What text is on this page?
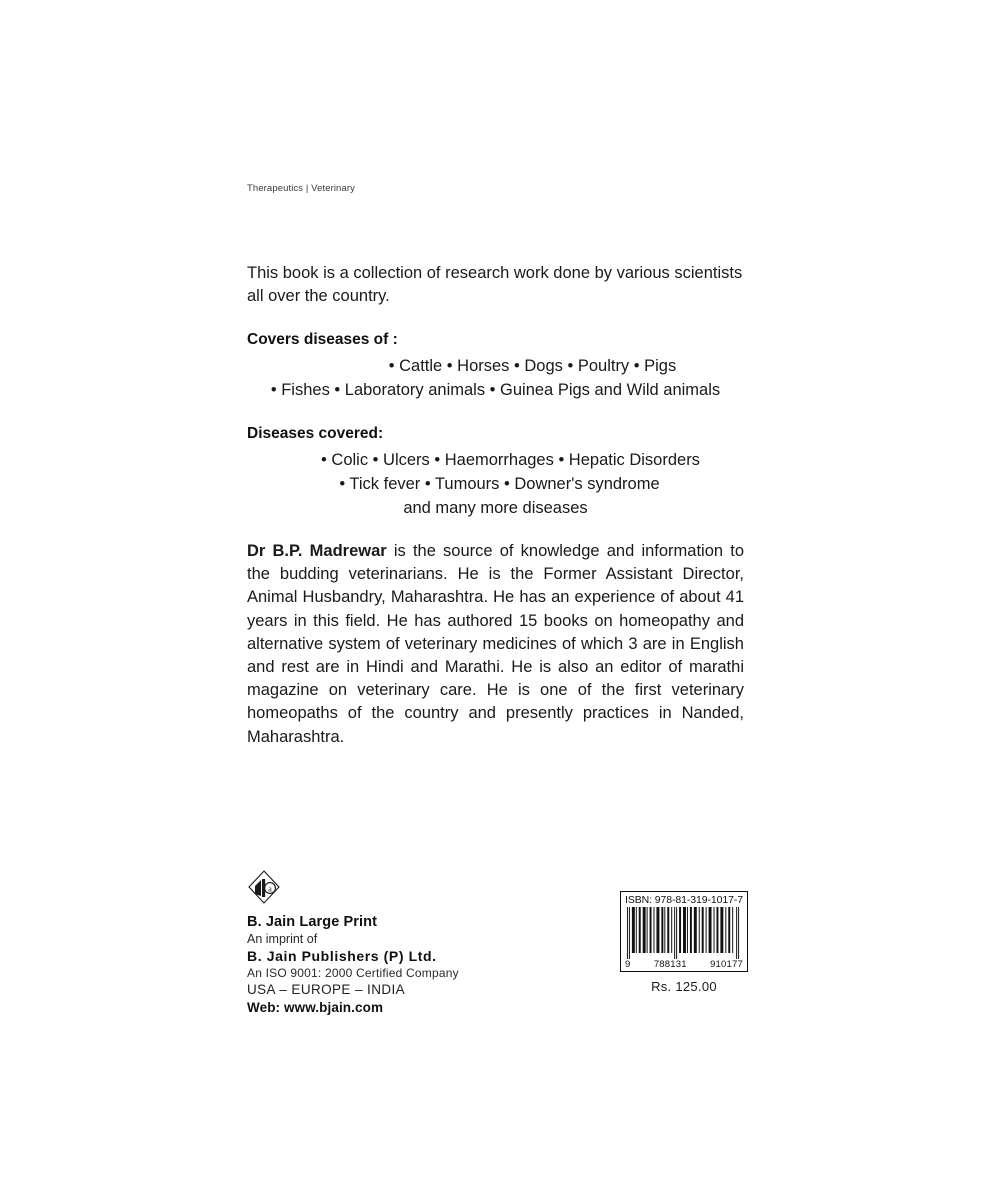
Therapeutics | Veterinary

This book is a collection of research work done by various scientists all over the country.

Covers diseases of :
• Cattle • Horses • Dogs • Poultry • Pigs
• Fishes • Laboratory animals • Guinea Pigs and Wild animals
Diseases covered:
• Colic • Ulcers • Haemorrhages • Hepatic Disorders
• Tick fever • Tumours • Downer's syndrome
and many more diseases
Dr B.P. Madrewar is the source of knowledge and information to the budding veterinarians. He is the Former Assistant Director, Animal Husbandry, Maharashtra. He has an experience of about 41 years in this field. He has authored 15 books on homeopathy and alternative system of veterinary medicines of which 3 are in English and rest are in Hindi and Marathi. He is also an editor of marathi magazine on veterinary care. He is one of the first veterinary homeopaths of the country and presently practices in Nanded, Maharashtra.
a
B. Jain Large Print
An imprint of
B. Jain Publishers (P) Ltd.
An ISO 9001: 2000 Certified Company
USA – EUROPE – INDIA
Web: www.bjain.com
ISBN: 978-81-319-1017-7
9 788131 910177
Rs. 125.00
